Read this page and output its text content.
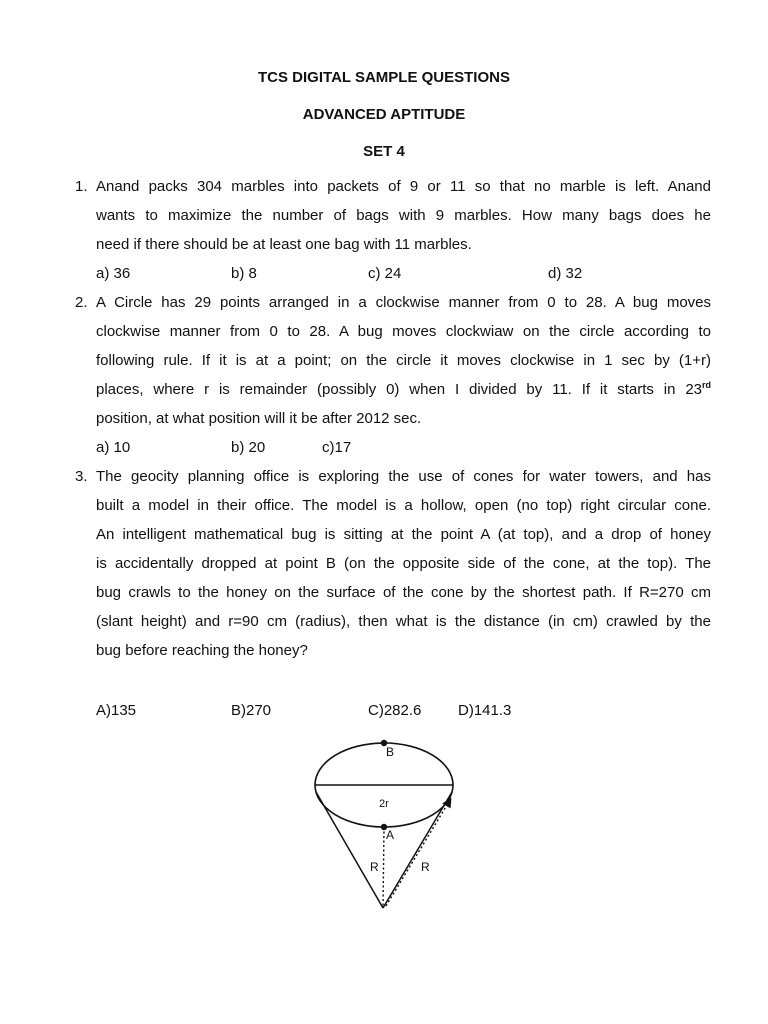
TCS DIGITAL SAMPLE QUESTIONS
ADVANCED APTITUDE
SET 4
1. Anand packs 304 marbles into packets of 9 or 11 so that no marble is left. Anand
wants to maximize the number of bags with 9 marbles. How many bags does he
need if there should be at least one bag with 11 marbles.
a) 36	b) 8	c) 24	d) 32
2. A Circle has 29 points arranged in a clockwise manner from 0 to 28. A bug moves
clockwise manner from 0 to 28. A bug moves clockwiaw on the circle according to
following rule. If it is at a point; on the circle it moves clockwise in 1 sec by (1+r)
places, where r is remainder (possibly 0) when I divided by 11. If it starts in 23rd
position, at what position will it be after 2012 sec.
a) 10	b) 20	c)17
3. The geocity planning office is exploring the use of cones for water towers, and has
built a model in their office. The model is a hollow, open (no top) right circular cone.
An intelligent mathematical bug is sitting at the point A (at top), and a drop of honey
is accidentally dropped at point B (on the opposite side of the cone, at the top). The
bug crawls to the honey on the surface of the cone by the shortest path. If R=270 cm
(slant height) and r=90 cm (radius), then what is the distance (in cm) crawled by the
bug before reaching the honey?
A)135	B)270	C)282.6 D)141.3
B
2r
A
R	R
